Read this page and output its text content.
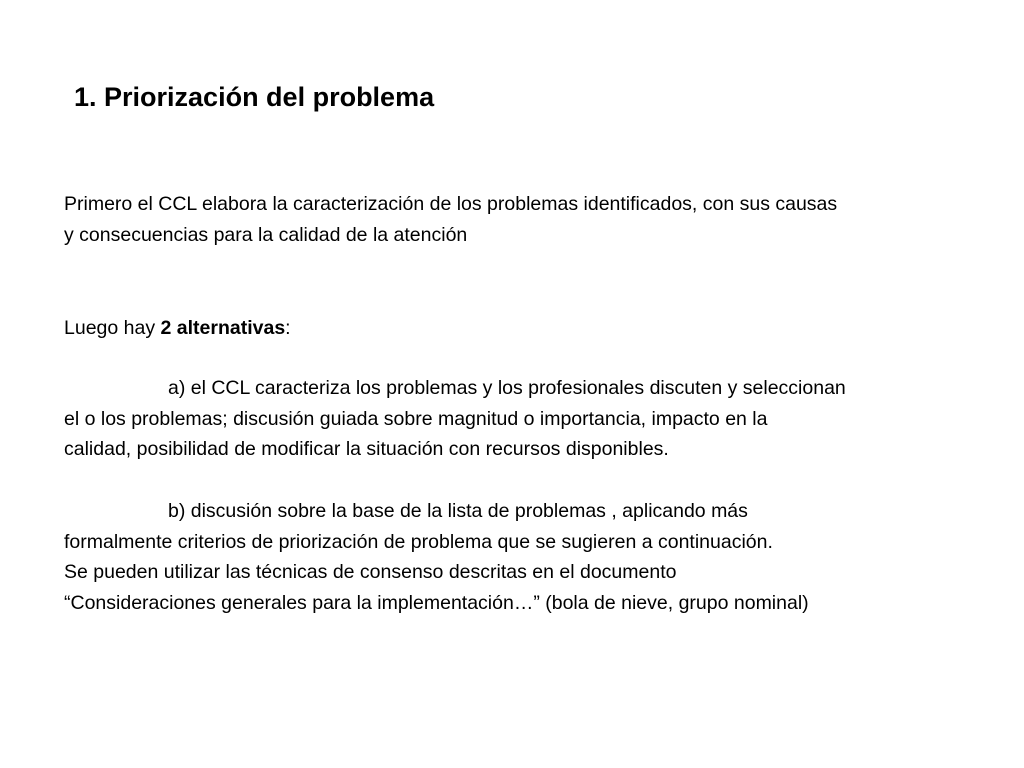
1. Priorización del problema

Primero el CCL elabora la caracterización de los problemas identificados, con sus causas
y consecuencias para la calidad de la atención

Luego hay 2 alternativas:

a) el CCL caracteriza los problemas y los profesionales discuten y seleccionan
el o los problemas; discusión guiada sobre magnitud o importancia, impacto en la
calidad, posibilidad de modificar la situación con recursos disponibles.

b) discusión sobre la base de la lista de problemas , aplicando más
formalmente criterios de priorización de problema que se sugieren a continuación.
Se pueden utilizar las técnicas de consenso descritas en el documento
“Consideraciones generales para la implementación…” (bola de nieve, grupo nominal)
